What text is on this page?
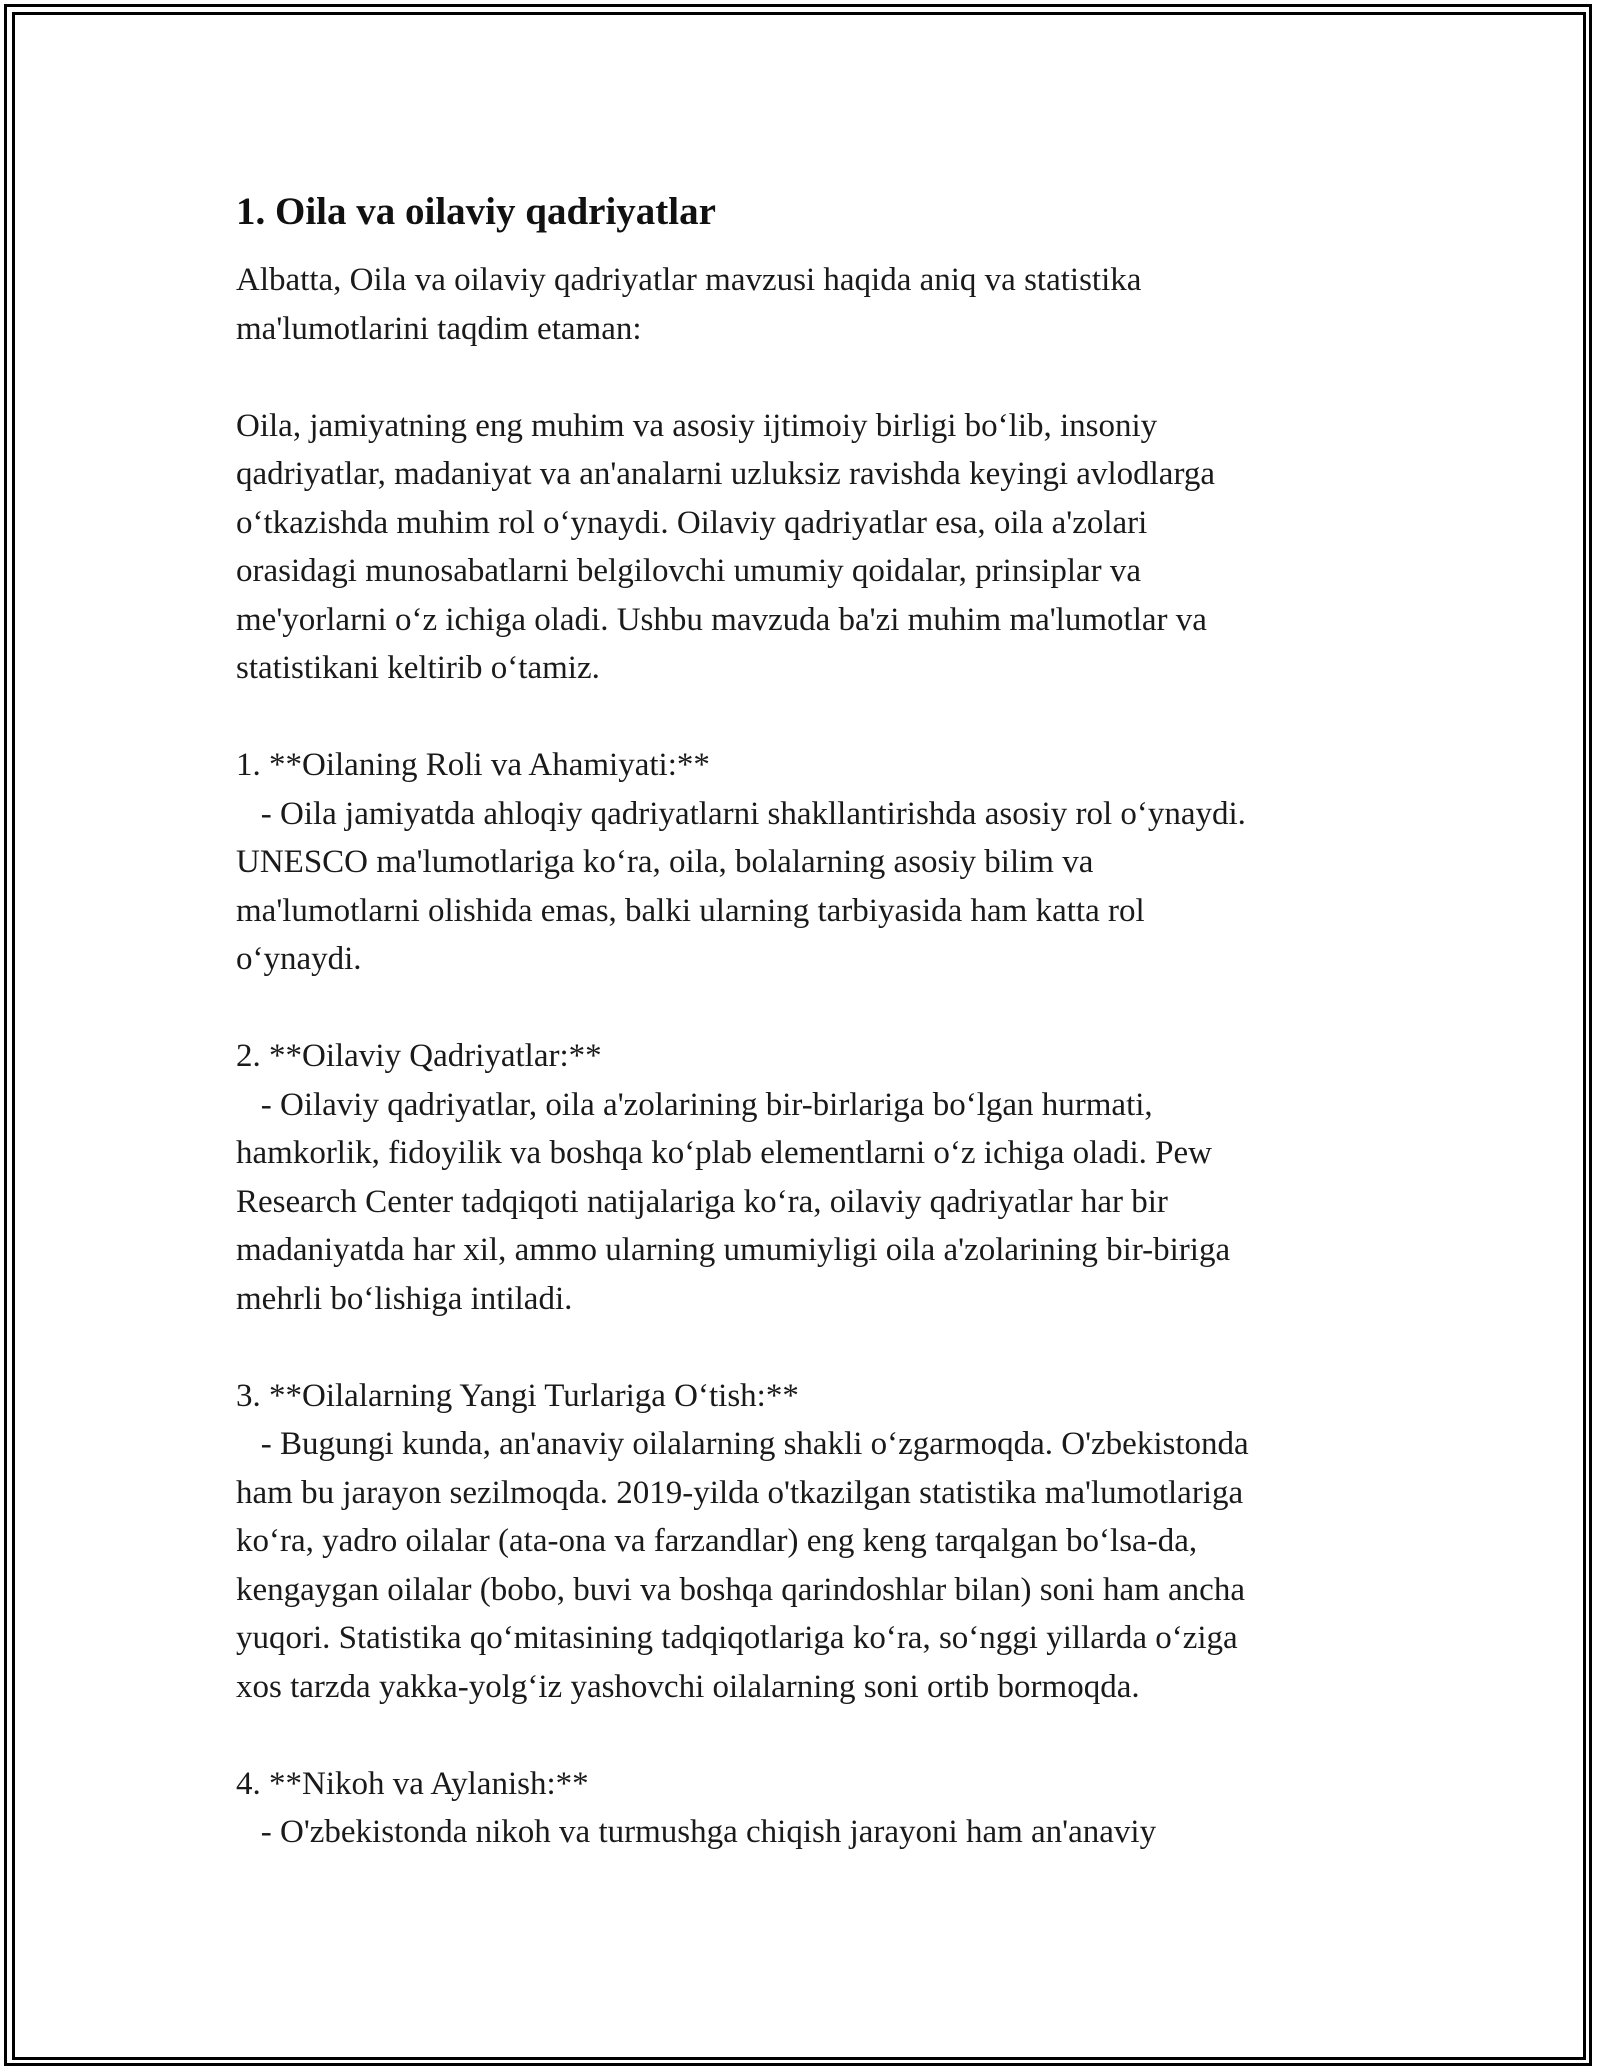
1. Oila va oilaviy qadriyatlar

Albatta, Oila va oilaviy qadriyatlar mavzusi haqida aniq va statistika
ma'lumotlarini taqdim etaman:

Oila, jamiyatning eng muhim va asosiy ijtimoiy birligi bo‘lib, insoniy
qadriyatlar, madaniyat va an'analarni uzluksiz ravishda keyingi avlodlarga
o‘tkazishda muhim rol o‘ynaydi. Oilaviy qadriyatlar esa, oila a'zolari
orasidagi munosabatlarni belgilovchi umumiy qoidalar, prinsiplar va
me'yorlarni o‘z ichiga oladi. Ushbu mavzuda ba'zi muhim ma'lumotlar va
statistikani keltirib o‘tamiz.

1. **Oilaning Roli va Ahamiyati:**

- Oila jamiyatda ahloqiy qadriyatlarni shakllantirishda asosiy rol o‘ynaydi.
UNESCO ma'lumotlariga ko‘ra, oila, bolalarning asosiy bilim va
ma'lumotlarni olishida emas, balki ularning tarbiyasida ham katta rol
o‘ynaydi.

2. **Oilaviy Qadriyatlar:**

- Oilaviy qadriyatlar, oila a'zolarining bir-birlariga bo‘lgan hurmati,
hamkorlik, fidoyilik va boshqa ko‘plab elementlarni o‘z ichiga oladi. Pew
Research Center tadqiqoti natijalariga ko‘ra, oilaviy qadriyatlar har bir
madaniyatda har xil, ammo ularning umumiyligi oila a'zolarining bir-biriga
mehrli bo‘lishiga intiladi.

3. **Oilalarning Yangi Turlariga O‘tish:**

- Bugungi kunda, an'anaviy oilalarning shakli o‘zgarmoqda. O'zbekistonda
ham bu jarayon sezilmoqda. 2019-yilda o'tkazilgan statistika ma'lumotlariga
ko‘ra, yadro oilalar (ata-ona va farzandlar) eng keng tarqalgan bo‘lsa-da,
kengaygan oilalar (bobo, buvi va boshqa qarindoshlar bilan) soni ham ancha
yuqori. Statistika qo‘mitasining tadqiqotlariga ko‘ra, so‘nggi yillarda o‘ziga
xos tarzda yakka-yolg‘iz yashovchi oilalarning soni ortib bormoqda.

4. **Nikoh va Aylanish:**

- O'zbekistonda nikoh va turmushga chiqish jarayoni ham an'anaviy
